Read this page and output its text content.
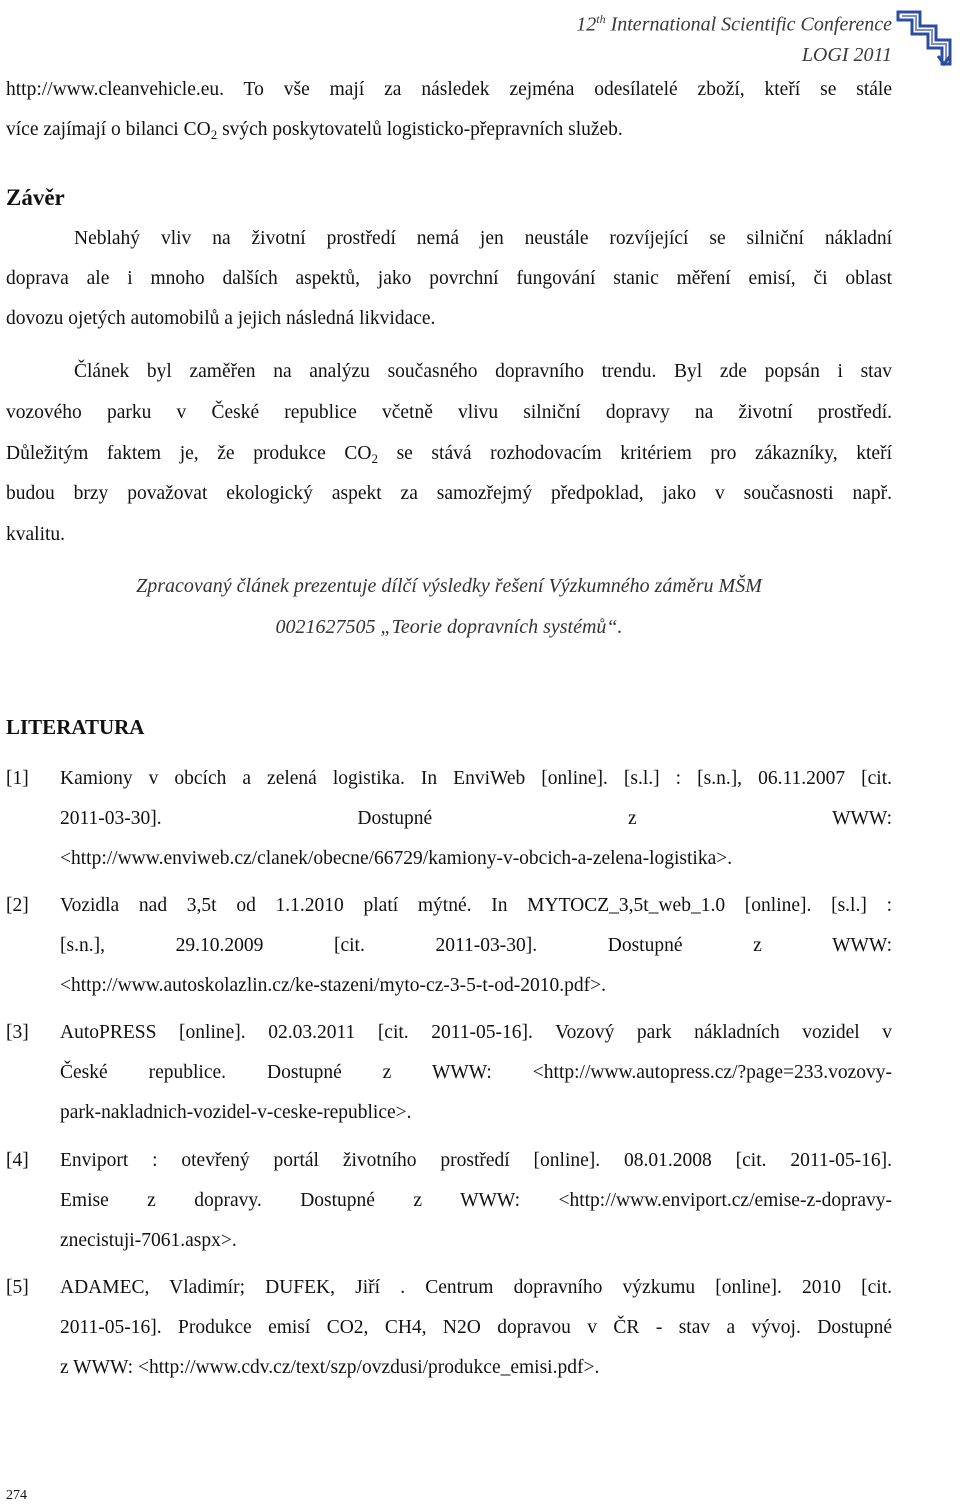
12th International Scientific Conference
LOGI 2011
http://www.cleanvehicle.eu. To vše mají za následek zejména odesílatelé zboží, kteří se stále
více zajímají o bilanci $CO_2$ svých poskytovatelů logisticko-přepravních služeb.
Závěr
Neblahý vliv na životní prostředí nemá jen neustále rozvíjející se silniční nákladní
doprava ale i mnoho dalších aspektů, jako povrchní fungování stanic měření emisí, či oblast
dovozu ojetých automobilů a jejich následná likvidace.
Článek byl zaměřen na analýzu současného dopravního trendu. Byl zde popsán i stav
vozového parku v České republice včetně vlivu silniční dopravy na životní prostředí.
Důležitým faktem je, že produkce $CO_2$ se stává rozhodovacím kritériem pro zákazníky, kteří
budou brzy považovat ekologický aspekt za samozřejmý předpoklad, jako v současnosti např.
kvalitu.
Zpracovaný článek prezentuje dílčí výsledky řešení Výzkumného záměru MŠM
0021627505 „Teorie dopravních systémů“.
LITERATURA
[1] Kamiony v obcích a zelená logistika. In EnviWeb [online]. [s.l.] : [s.n.], 06.11.2007 [cit.
2011-03-30]. Dostupné z WWW:
<http://www.enviweb.cz/clanek/obecne/66729/kamiony-v-obcich-a-zelena-logistika>.
[2] Vozidla nad 3,5t od 1.1.2010 platí mýtné. In MYTOCZ_3,5t_web_1.0 [online]. [s.l.] :
[s.n.], 29.10.2009 [cit. 2011-03-30]. Dostupné z WWW:
<http://www.autoskolazlin.cz/ke-stazeni/myto-cz-3-5-t-od-2010.pdf>.
[3] AutoPRESS [online]. 02.03.2011 [cit. 2011-05-16]. Vozový park nákladních vozidel v
České republice. Dostupné z WWW: <http://www.autopress.cz/?page=233.vozovy-
park-nakladnich-vozidel-v-ceske-republice>.
[4] Enviport : otevřený portál životního prostředí [online]. 08.01.2008 [cit. 2011-05-16].
Emise z dopravy. Dostupné z WWW: <http://www.enviport.cz/emise-z-dopravy-
znecistuji-7061.aspx>.
[5] ADAMEC, Vladimír; DUFEK, Jiří . Centrum dopravního výzkumu [online]. 2010 [cit.
2011-05-16]. Produkce emisí CO2, CH4, N2O dopravou v ČR - stav a vývoj. Dostupné
z WWW: <http://www.cdv.cz/text/szp/ovzdusi/produkce_emisi.pdf>.
274
